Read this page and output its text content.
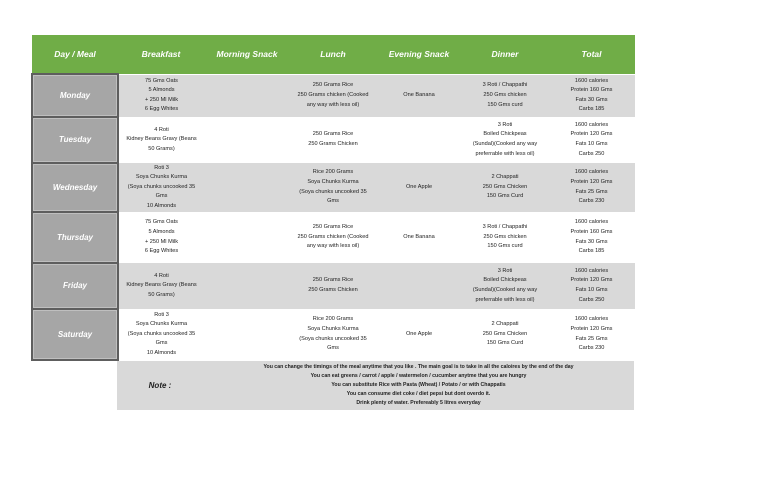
Day / Meal	Breakfast	Morning Snack	Lunch	Evening Snack	Dinner	Total
Monday	75 Gms Oats
5 Almonds
+ 250 Ml Milk
6 Egg Whites		250 Grams Rice
250 Grams chicken (Cooked
any way with less oil)	One Banana	3 Roti / Chappathi
250 Gms chicken
150 Gms curd	1600 calories
Protein 160 Gms
Fats 30 Gms
Carbs 185

Tuesday	4 Roti
Kidney Beans Gravy (Beans
50 Grams)		250 Grams Rice
250 Grams Chicken		3 Roti
Boiled Chickpeas
(Sundal)(Cooked any way
preferrable with less oil)	1600 calories
Protein 120 Gms
Fats 10 Gms
Carbs 250

Wednesday	Roti 3
Soya Chunks Kurma
(Soya chunks uncooked 35
Gms
10 Almonds		Rice 200 Grams
Soya Chunks Kurma
(Soya chunks uncooked 35
Gms	One Apple	2 Chappati
250 Gms Chicken
150 Gms Curd	1600 calories
Protein 120 Gms
Fats 25 Gms
Carbs 230

Thursday	75 Gms Oats
5 Almonds
+ 250 Ml Milk
6 Egg Whites		250 Grams Rice
250 Grams chicken (Cooked
any way with less oil)	One Banana	3 Roti / Chappathi
250 Gms chicken
150 Gms curd	1600 calories
Protein 160 Gms
Fats 30 Gms
Carbs 185

Friday	4 Roti
Kidney Beans Gravy (Beans
50 Grams)		250 Grams Rice
250 Grams Chicken		3 Roti
Boiled Chickpeas
(Sundal)(Cooked any way
preferrable with less oil)	1600 calories
Protein 120 Gms
Fats 10 Gms
Carbs 250

Saturday	Roti 3
Soya Chunks Kurma
(Soya chunks uncooked 35
Gms
10 Almonds		Rice 200 Grams
Soya Chunks Kurma
(Soya chunks uncooked 35
Gms	One Apple	2 Chappati
250 Gms Chicken
150 Gms Curd	1600 calories
Protein 120 Gms
Fats 25 Gms
Carbs 230
Note :
You can change the timings of the meal anytime that you like . The main goal is to take in all the caloires by the end of the day
You can eat greens / carrot / apple / watermelon / cucumber anytme that you are hungry
You can substitute Rice with Pasta (Wheat) / Potato / or with Chappatis
You can consume diet coke / diet pepsi but dont overdo it.
Drink plenty of water. Prefereably 5 litres everyday
